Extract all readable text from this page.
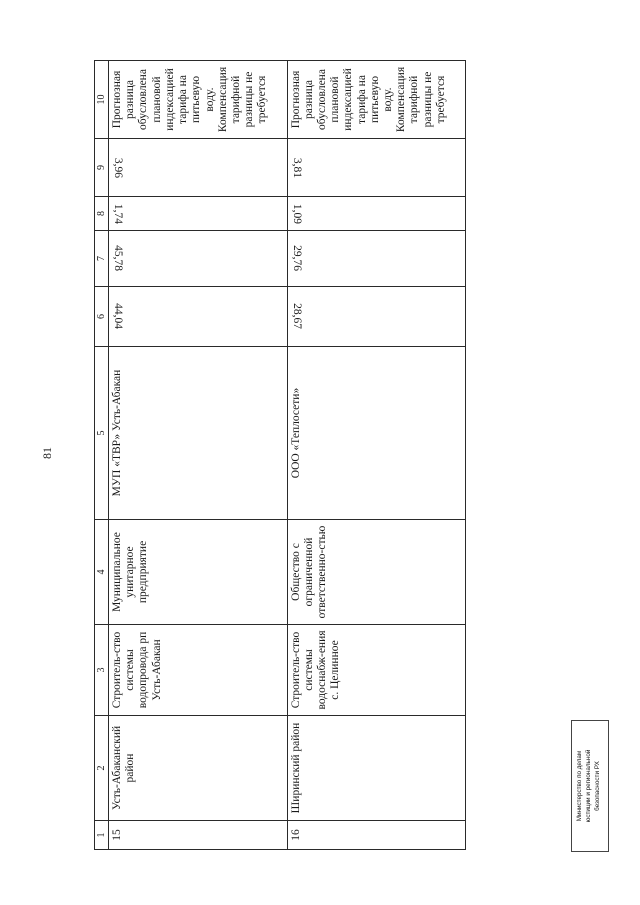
81
1	2	3	4	5	6	7	8	9	10
15	Усть-Абаканский район	Строитель-ство системы водопровода рп Усть-Абакан	Муниципальное унитарное предприятие	МУП «ТВР» Усть-Абакан	44,04	45,78	1,74	3,96	Прогнозная разница обусловлена плановой индексацией тарифа на питьевую воду. Компенсация тарифной разницы не требуется
16	Ширинский район	Строитель-ство системы водоснабж-ения с. Целинное	Общество с ограниченной ответственно-стью	ООО «Теплосети»	28,67	29,76	1,09	3,81	Прогнозная разница обусловлена плановой индексацией тарифа на питьевую воду. Компенсация тарифной разницы не требуется
Министерство по делам юстиции и региональной безопасности РХ
